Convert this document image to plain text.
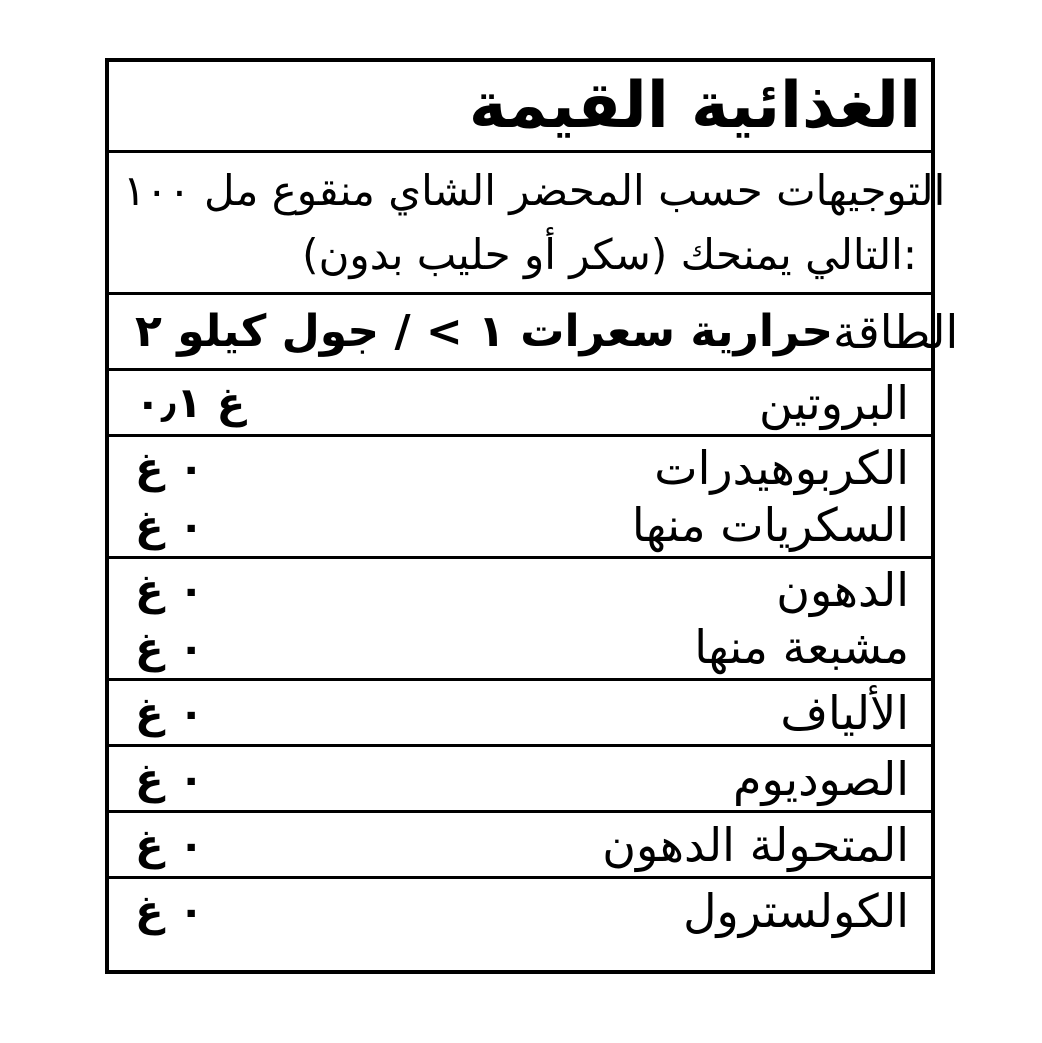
القيمة الغذائية
١٠٠ مل منقوع الشاي المحضر حسب التوجيهات
(بدون حليب أو سكر) يمنحك التالي:
٢ كيلو جول / < ١ سعرات حرارية الطاقة
٠٫١ غ	البروتين
٠ غ	الكربوهيدرات
٠ غ	منها السكريات
٠ غ	الدهون
٠ غ	منها مشبعة
٠ غ	الألياف
٠ غ	الصوديوم
٠ غ	الدهون المتحولة
٠ غ	الكولسترول
